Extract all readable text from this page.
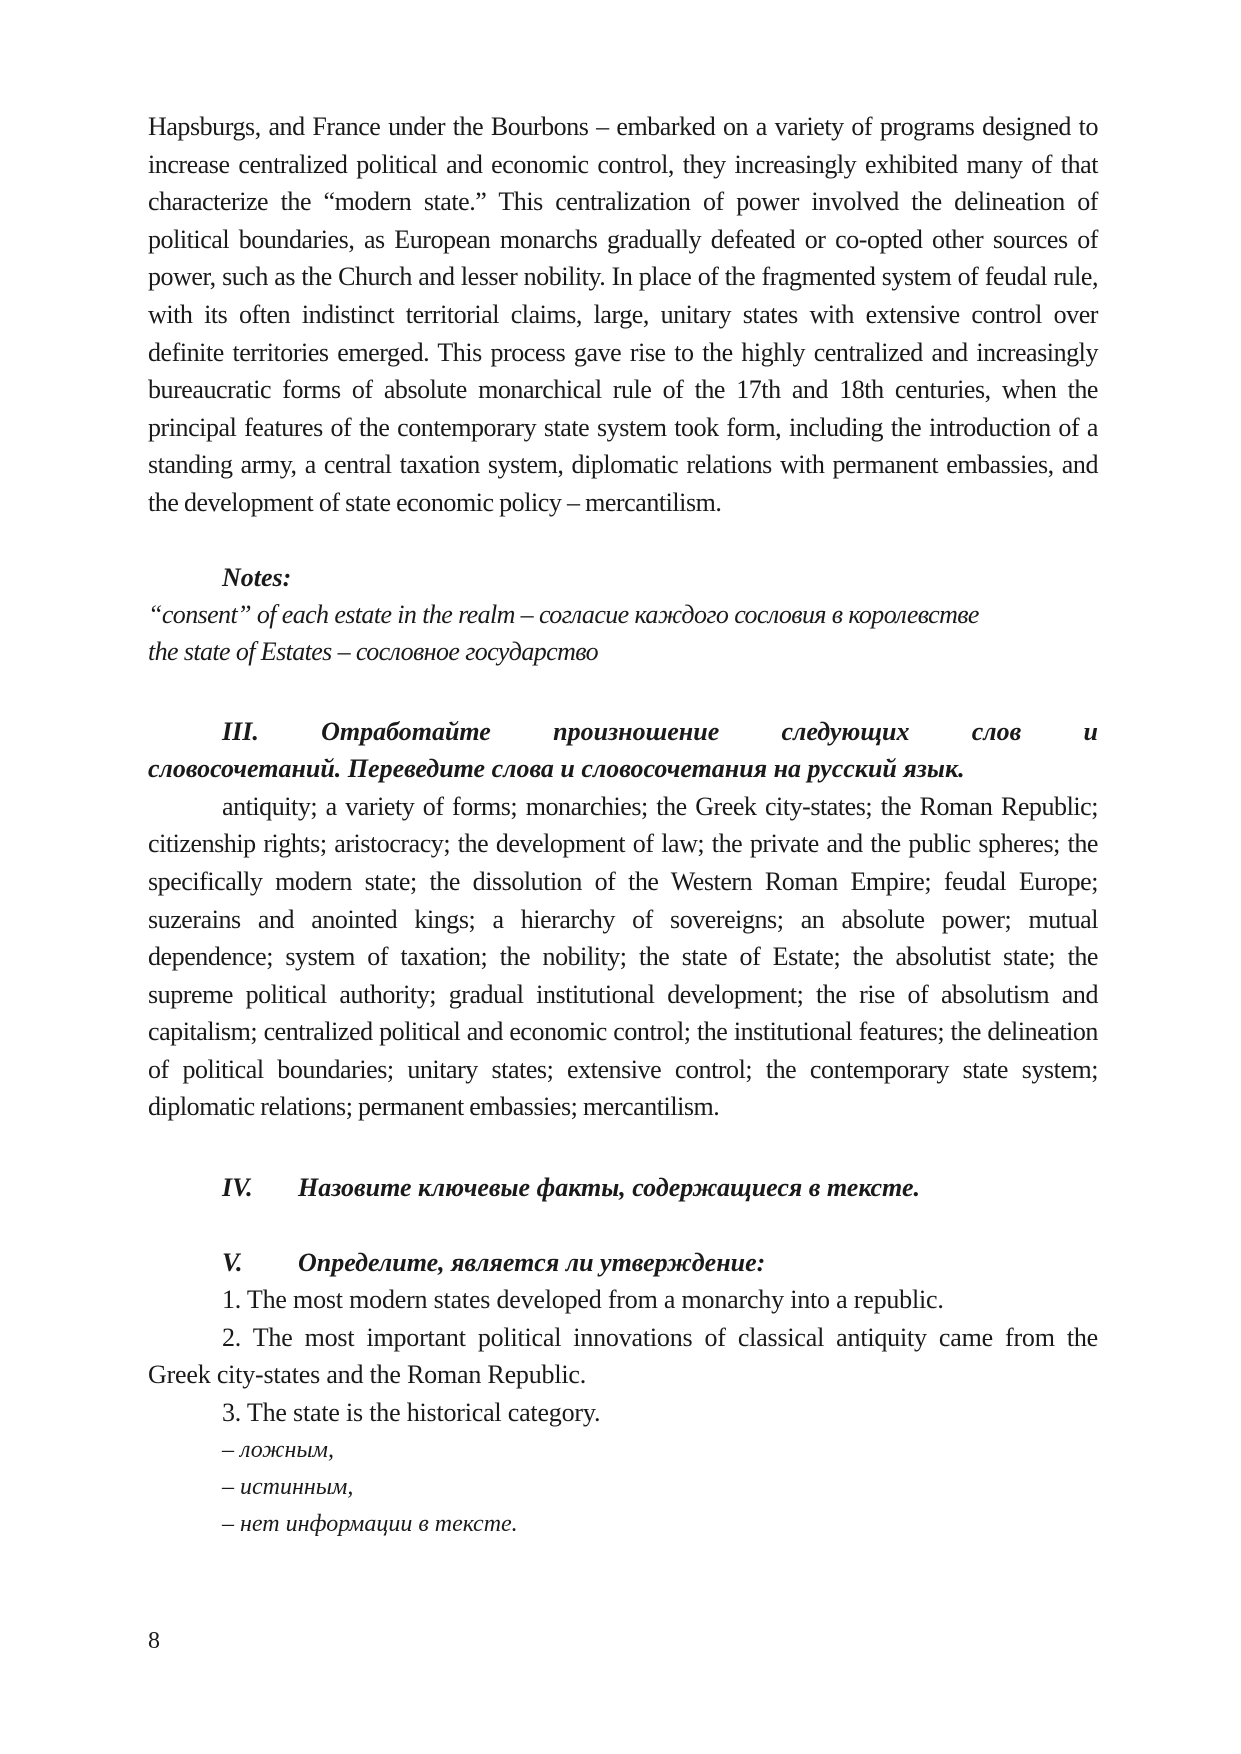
Hapsburgs, and France under the Bourbons – embarked on a variety of programs designed to increase centralized political and economic control, they increasingly exhibited many of that characterize the “modern state.” This centralization of power involved the delineation of political boundaries, as European monarchs gradually defeated or co-opted other sources of power, such as the Church and lesser nobility. In place of the fragmented system of feudal rule, with its often indistinct territorial claims, large, unitary states with extensive control over definite territories emerged. This process gave rise to the highly centralized and increasingly bureaucratic forms of absolute monarchical rule of the 17th and 18th centuries, when the principal features of the contemporary state system took form, including the introduction of a standing army, a central taxation system, diplomatic relations with permanent embassies, and the development of state economic policy – mercantilism.

Notes:

“consent” of each estate in the realm – согласие каждого сословия в королевстве

the state of Estates – сословное государство

III. Отработайте произношение следующих слов и
словосочетаний. Переведите слова и словосочетания на русский язык.

antiquity; a variety of forms; monarchies; the Greek city-states; the Roman Republic; citizenship rights; aristocracy; the development of law; the private and the public spheres; the specifically modern state; the dissolution of the Western Roman Empire; feudal Europe; suzerains and anointed kings; a hierarchy of sovereigns; an absolute power; mutual dependence; system of taxation; the nobility; the state of Estate; the absolutist state; the supreme political authority; gradual institutional development; the rise of absolutism and capitalism; centralized political and economic control; the institutional features; the delineation of political boundaries; unitary states; extensive control; the contemporary state system; diplomatic relations; permanent embassies; mercantilism.

IV. Назовите ключевые факты, содержащиеся в тексте.

V. Определите, является ли утверждение:

1. The most modern states developed from a monarchy into a republic.

2. The most important political innovations of classical antiquity came from the Greek city-states and the Roman Republic.

3. The state is the historical category.

– ложным,

– истинным,

– нет информации в тексте.

8
